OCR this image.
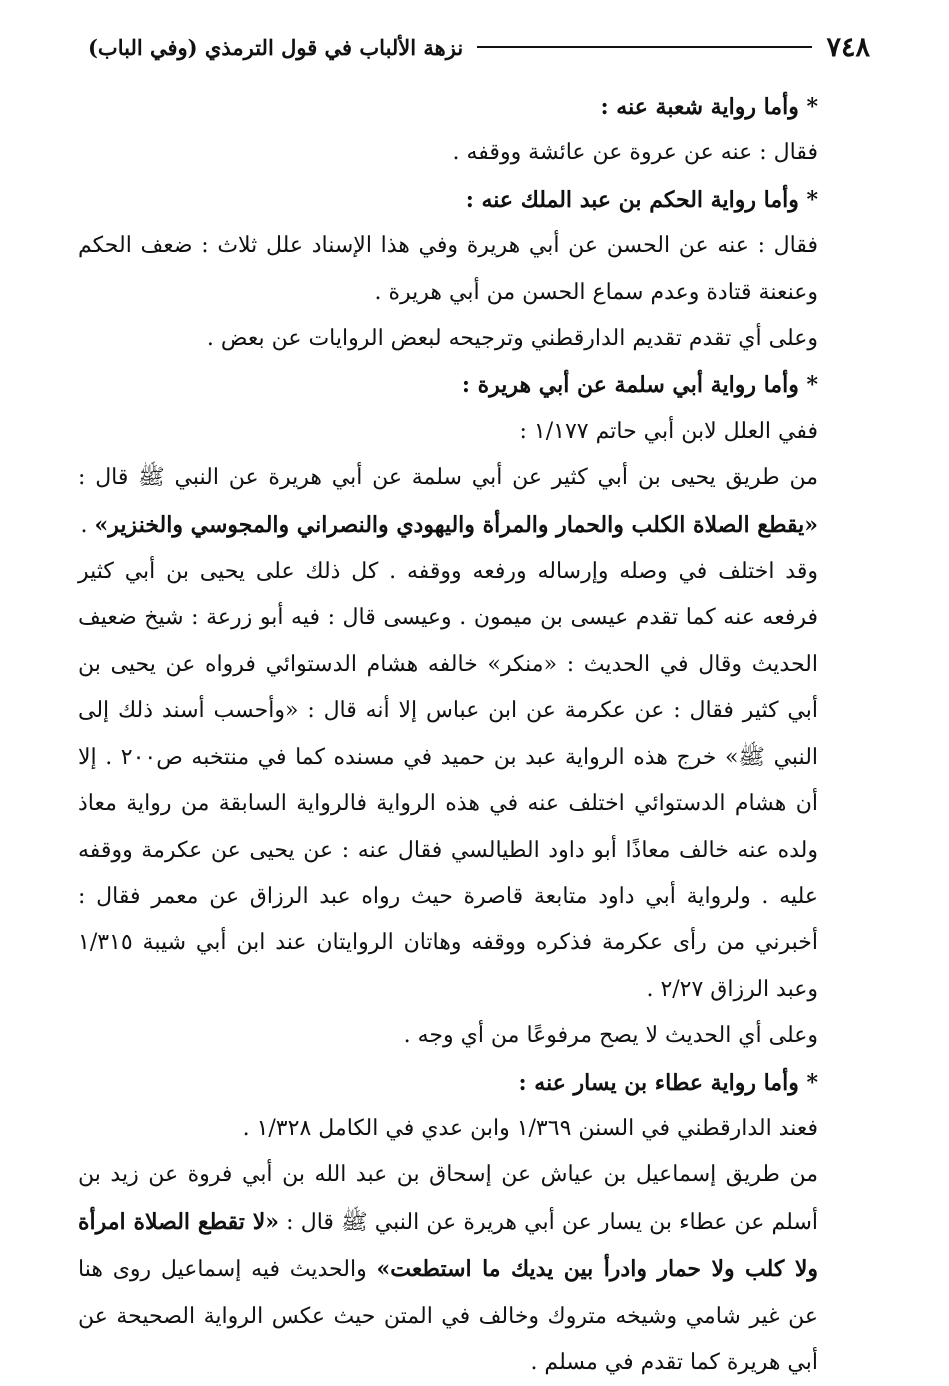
٧٤٨
نزهة الألباب في قول الترمذي (وفي الباب)

* وأما رواية شعبة عنه :

فقال : عنه عن عروة عن عائشة ووقفه .

* وأما رواية الحكم بن عبد الملك عنه :

فقال : عنه عن الحسن عن أبي هريرة وفي هذا الإسناد علل ثلاث : ضعف الحكم وعنعنة قتادة وعدم سماع الحسن من أبي هريرة .

وعلى أي تقدم تقديم الدارقطني وترجيحه لبعض الروايات عن بعض .

* وأما رواية أبي سلمة عن أبي هريرة :

ففي العلل لابن أبي حاتم ١/١٧٧ :

من طريق يحيى بن أبي كثير عن أبي سلمة عن أبي هريرة عن النبي ﷺ قال : «يقطع الصلاة الكلب والحمار والمرأة واليهودي والنصراني والمجوسي والخنزير» .

وقد اختلف في وصله وإرساله ورفعه ووقفه . كل ذلك على يحيى بن أبي كثير فرفعه عنه كما تقدم عيسى بن ميمون . وعيسى قال : فيه أبو زرعة : شيخ ضعيف الحديث وقال في الحديث : «منكر» خالفه هشام الدستوائي فرواه عن يحيى بن أبي كثير فقال : عن عكرمة عن ابن عباس إلا أنه قال : «وأحسب أسند ذلك إلى النبي ﷺ» خرج هذه الرواية عبد بن حميد في مسنده كما في منتخبه ص٢٠٠ . إلا أن هشام الدستوائي اختلف عنه في هذه الرواية فالرواية السابقة من رواية معاذ ولده عنه خالف معاذًا أبو داود الطيالسي فقال عنه : عن يحيى عن عكرمة ووقفه عليه . ولرواية أبي داود متابعة قاصرة حيث رواه عبد الرزاق عن معمر فقال : أخبرني من رأى عكرمة فذكره ووقفه وهاتان الروايتان عند ابن أبي شيبة ١/٣١٥ وعبد الرزاق ٢/٢٧ .

وعلى أي الحديث لا يصح مرفوعًا من أي وجه .

* وأما رواية عطاء بن يسار عنه :

فعند الدارقطني في السنن ١/٣٦٩ وابن عدي في الكامل ١/٣٢٨ .

من طريق إسماعيل بن عياش عن إسحاق بن عبد الله بن أبي فروة عن زيد بن أسلم عن عطاء بن يسار عن أبي هريرة عن النبي ﷺ قال : «لا تقطع الصلاة امرأة ولا كلب ولا حمار وادرأ بين يديك ما استطعت» والحديث فيه إسماعيل روى هنا عن غير شامي وشيخه متروك وخالف في المتن حيث عكس الرواية الصحيحة عن أبي هريرة كما تقدم في مسلم .
